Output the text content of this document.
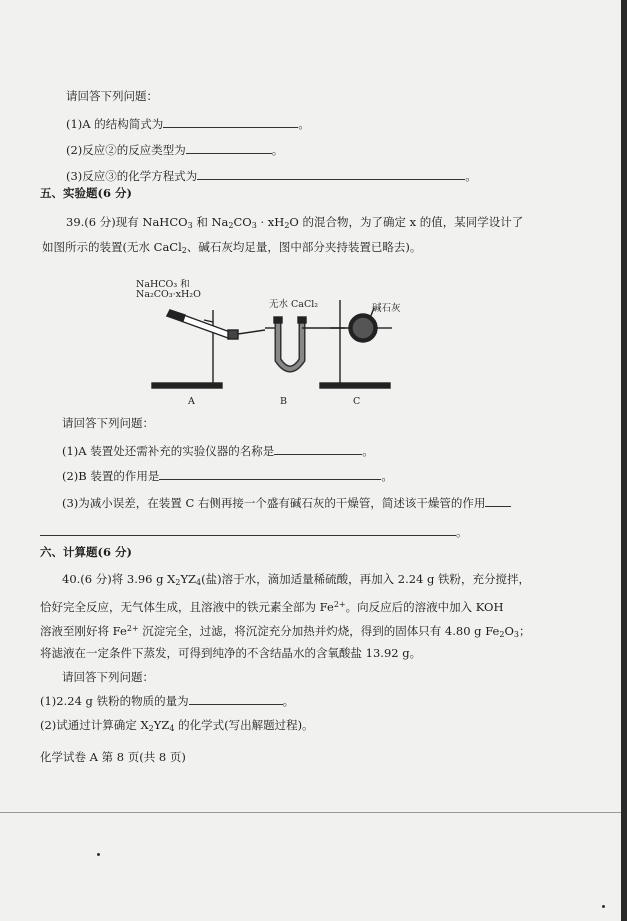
请回答下列问题：
(1)A 的结构简式为	。
(2)反应②的反应类型为	。
(3)反应③的化学方程式为	。
五、实验题(6 分)
39.(6 分)现有 NaHCO$_3$ 和 $Na_2CO_3 \cdot xH_2O$ 的混合物，为了确定 x 的值，某同学设计了
如图所示的装置(无水 CaCl$_2$、碱石灰均足量，图中部分夹持装置已略去)。
NaHCO₃ 和
Na₂CO₃·xH₂O
无水 CaCl₂	碱石灰
A	B	C
请回答下列问题：
(1)A 装置处还需补充的实验仪器的名称是	。
(2)B 装置的作用是	。
(3)为减小误差，在装置 C 右侧再接一个盛有碱石灰的干燥管，简述该干燥管的作用
。
六、计算题(6 分)
40.(6 分)将 3.96 g $X_2YZ_4$(盐)溶于水，滴加适量稀硫酸，再加入 2.24 g 铁粉，充分搅拌，
恰好完全反应，无气体生成，且溶液中的铁元素全部为 $Fe^{2+}$。向反应后的溶液中加入 KOH
溶液至刚好将 $Fe^{2+}$ 沉淀完全，过滤，将沉淀充分加热并灼烧，得到的固体只有 4.80 g $Fe_2O_3$；
将滤液在一定条件下蒸发，可得到纯净的不含结晶水的含氧酸盐 13.92 g。
请回答下列问题：
(1)2.24 g 铁粉的物质的量为	。
(2)试通过计算确定 $X_2YZ_4$ 的化学式(写出解题过程)。
化学试卷 A 第 8 页(共 8 页)
